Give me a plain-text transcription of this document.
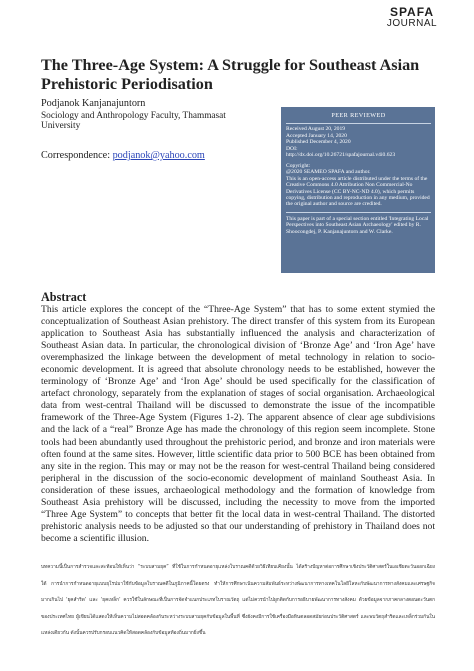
SPAFA
JOURNAL
The Three-Age System: A Struggle for Southeast Asian Prehistoric Periodisation
Podjanok Kanjanajuntorn
Sociology and Anthropology Faculty, Thammasat University
Correspondence: podjanok@yahoo.com
PEER REVIEWED
Received August 20, 2019
Accepted January 14, 2020
Published December 4, 2020
DOI:
http://dx.doi.org/10.26721/spafajournal.v4i0.623
Copyright:
@2020 SEAMEO SPAFA and author.
This is an open-access article distributed under the terms of the Creative Commons 4.0 Attribution Non Commercial-No Derivatives License (CC BY-NC-ND 4.0), which permits copying, distribution and reproduction in any medium, provided the original author and source are credited.
This paper is part of a special section entitled 'Integrating Local Perspectives into Southeast Asian Archaeology' edited by R. Shoocongdej, P. Kanjanajuntorn and W. Clarke.
Abstract
This article explores the concept of the “Three-Age System” that has to some extent stymied the conceptualization of Southeast Asian prehistory. The direct transfer of this system from its European application to Southeast Asia has substantially influenced the analysis and characterization of Southeast Asian data. In particular, the chronological division of ‘Bronze Age’ and ‘Iron Age’ have overemphasized the linkage between the development of metal technology in relation to socio-economic development. It is agreed that absolute chronology needs to be established, however the terminology of ‘Bronze Age’ and ‘Iron Age’ should be used specifically for the classification of artefact chronology, separately from the explanation of stages of social organisation. Archaeological data from west-central Thailand will be discussed to demonstrate the issue of the incompatible framework of the Three-Age System (Figures 1-2). The apparent absence of clear age subdivisions and the lack of a “real” Bronze Age has made the chronology of this region seem incomplete. Stone tools had been abundantly used throughout the prehistoric period, and bronze and iron materials were often found at the same sites. However, little scientific data prior to 500 BCE has been obtained from any site in the region. This may or may not be the reason for west-central Thailand being considered peripheral in the discussion of the socio-economic development of mainland Southeast Asia. In consideration of these issues, archaeological methodology and the formation of knowledge from Southeast Asia prehistory will be discussed, including the necessity to move from the imported “Three Age System” to concepts that better fit the local data in west-central Thailand. The distorted prehistoric analysis needs to be adjusted so that our understanding of prehistory in Thailand does not become a scientific illusion.
บทความนี้เป็นการสำรวจและสะท้อนให้เห็นว่า “ระบบสามยุค” ที่ใช้ในการกำหนดอายุแหล่งโบราณคดีด้วยวิธีเทียบเคียงนั้น ได้สร้างปัญหาต่อการศึกษาเชิงประวัติศาสตร์ในเอเชียตะวันออกเฉียงใต้ การนำการกำหนดอายุแบบยุโรปมาใช้กับข้อมูลโบราณคดีในภูมิภาคนี้โดยตรง ทำให้การศึกษาเน้นความสัมพันธ์ระหว่างพัฒนาการทางเทคโนโลยีโลหะกับพัฒนาการทางสังคมและเศรษฐกิจมากเกินไป ‘ยุคสำริด’ และ ‘ยุคเหล็ก’ ควรใช้ในลักษณะที่เป็นการจัดจำแนกประเภทโบราณวัตถุ แต่ไม่ควรนำไปผูกติดกับการอธิบายพัฒนาการทางสังคม ด้วยข้อมูลจากภาคกลางตอนตะวันตกของประเทศไทย ผู้เขียนได้แสดงให้เห็นความไม่สอดคล้องกันระหว่างระบบสามยุคกับข้อมูลในพื้นที่ ซึ่งยังคงมีการใช้เครื่องมือหินตลอดสมัยก่อนประวัติศาสตร์ และพบวัตถุสำริดและเหล็กร่วมกันในแหล่งเดียวกัน ดังนั้นควรปรับกรอบแนวคิดให้สอดคล้องกับข้อมูลท้องถิ่นมากยิ่งขึ้น
